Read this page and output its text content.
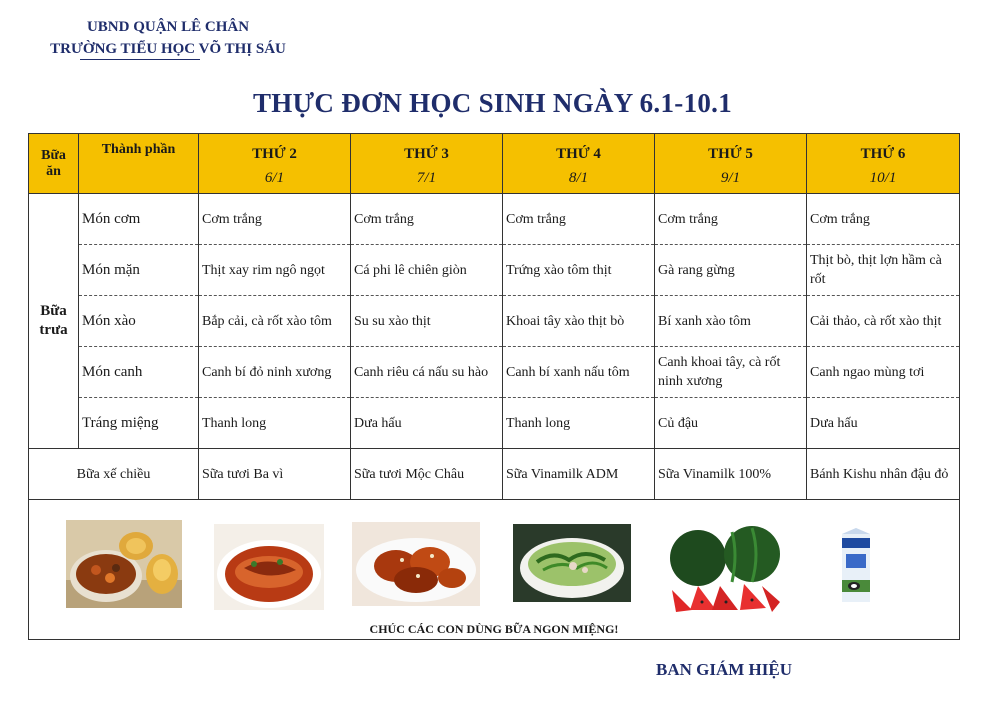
UBND QUẬN LÊ CHÂN
TRƯỜNG TIỂU HỌC VÕ THỊ SÁU
THỰC ĐƠN HỌC SINH NGÀY 6.1-10.1
Bữa ăn	Thành phần	THỨ 2	THỨ 3	THỨ 4	THỨ 5	THỨ 6
		6/1	7/1	8/1	9/1	10/1
Bữa trưa	Món cơm	Cơm trắng	Cơm trắng	Cơm trắng	Cơm trắng	Cơm trắng
	Món mặn	Thịt xay rim ngô ngọt	Cá phi lê chiên giòn	Trứng xào tôm thịt	Gà rang gừng	Thịt bò, thịt lợn hầm cà rốt
	Món xào	Bắp cải, cà rốt xào tôm	Su su xào thịt	Khoai tây xào thịt bò	Bí xanh xào tôm	Cải thảo, cà rốt xào thịt
	Món canh	Canh bí đỏ ninh xương	Canh riêu cá nấu su hào	Canh bí xanh nấu tôm	Canh khoai tây, cà rốt ninh xương	Canh ngao mùng tơi
	Tráng miệng	Thanh long	Dưa hấu	Thanh long	Củ đậu	Dưa hấu
Bữa xế chiều		Sữa tươi Ba vì	Sữa tươi Mộc Châu	Sữa Vinamilk ADM	Sữa Vinamilk 100%	Bánh Kishu nhân đậu đỏ
CHÚC CÁC CON DÙNG BỮA NGON MIỆNG!
BAN GIÁM HIỆU
